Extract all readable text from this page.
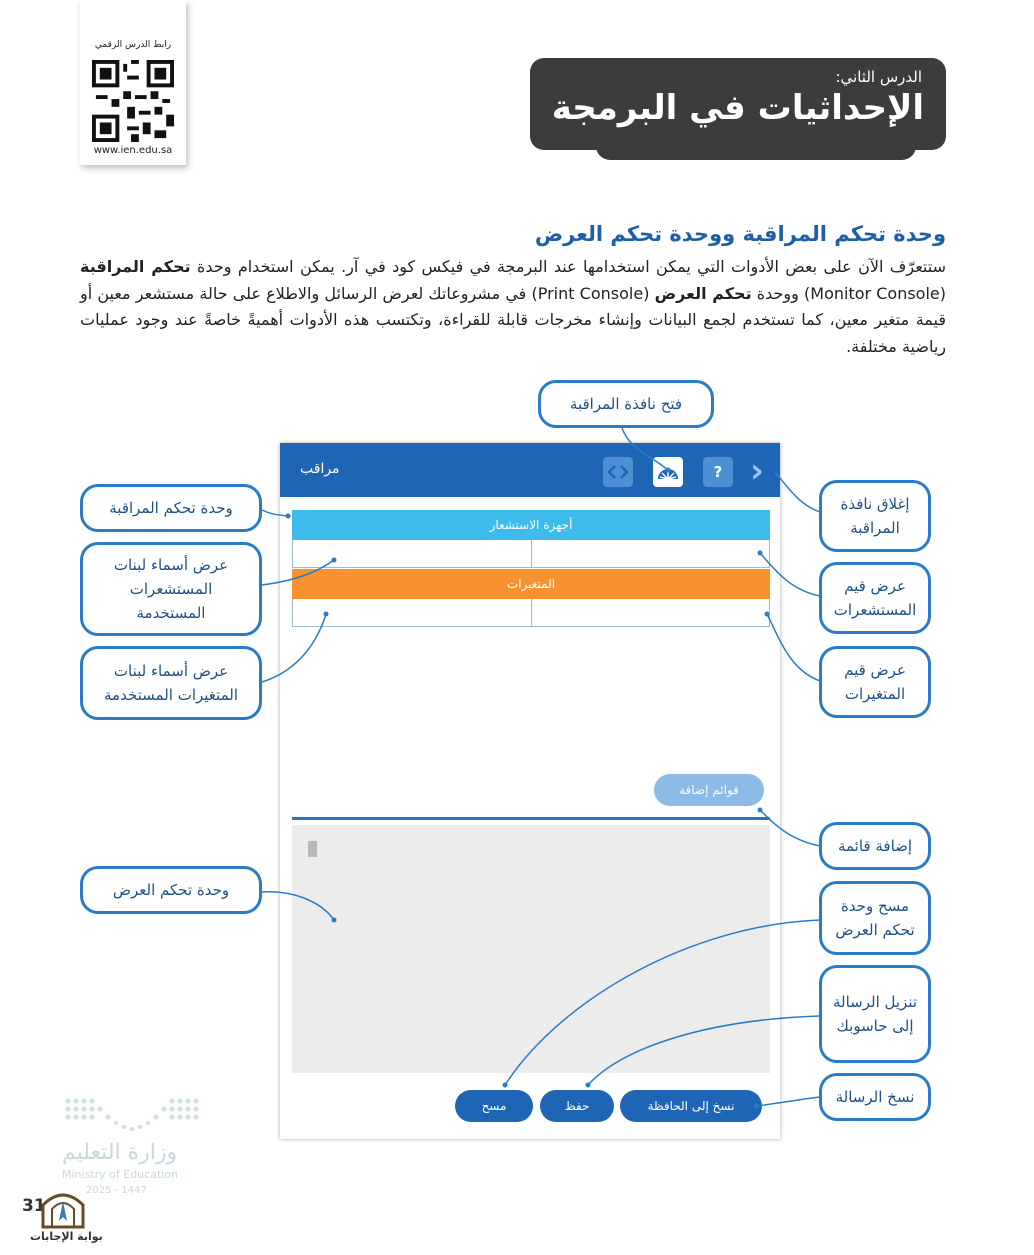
رابط الدرس الرقمي
www.ien.edu.sa
الدرس الثاني:
الإحداثيات في البرمجة
وحدة تحكم المراقبة ووحدة تحكم العرض

ستتعرّف الآن على بعض الأدوات التي يمكن استخدامها عند البرمجة في فيكس كود في آر. يمكن استخدام وحدة تحكم المراقبة (Monitor Console) ووحدة تحكم العرض (Print Console) في مشروعاتك لعرض الرسائل والاطلاع على حالة مستشعر معين أو قيمة متغير معين، كما تستخدم لجمع البيانات وإنشاء مخرجات قابلة للقراءة، وتكتسب هذه الأدوات أهميةً خاصةً عند وجود عمليات رياضية مختلفة.

مراقب	? ›
أجهزة الاستشعار
المتغيرات
قوائم إضافة
مسح	حفظ	نسخ إلى الحافظة
فتح نافذة المراقبة
إغلاق نافذة المراقبة
وحدة تحكم المراقبة
عرض أسماء لبنات المستشعرات المستخدمة
عرض قيم المستشعرات
عرض أسماء لبنات المتغيرات المستخدمة
عرض قيم المتغيرات
إضافة قائمة
وحدة تحكم العرض
مسح وحدة تحكم العرض
تنزيل الرسالة إلى حاسوبك
نسخ الرسالة
وزارة التعليم
Ministry of Education
2025 - 1447
31
بوابة الإجابات
